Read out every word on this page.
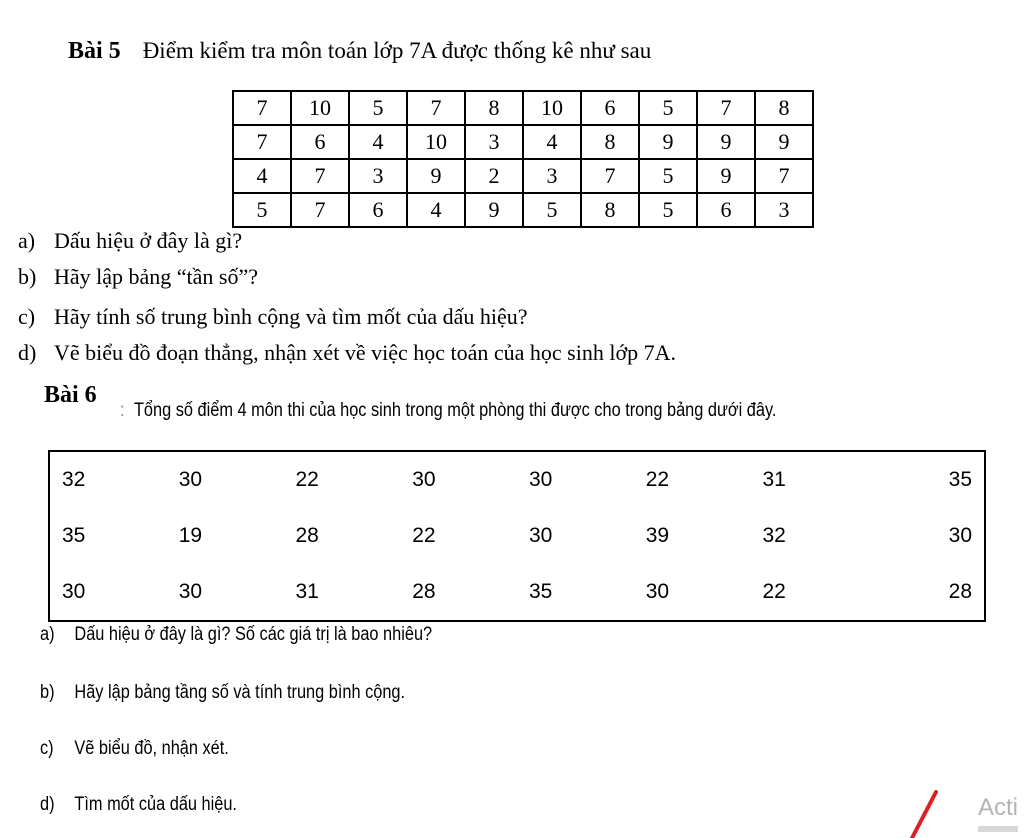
Bài 5 Điểm kiểm tra môn toán lớp 7A được thống kê như sau
7	10	5	7	8	10	6	5	7	8
7	6	4	10	3	4	8	9	9	9
4	7	3	9	2	3	7	5	9	7
5	7	6	4	9	5	8	5	6	3
a) Dấu hiệu ở đây là gì?
b) Hãy lập bảng “tần số”?
c) Hãy tính số trung bình cộng và tìm mốt của dấu hiệu?
d) Vẽ biểu đồ đoạn thẳng, nhận xét về việc học toán của học sinh lớp 7A.
Bài 6
: Tổng số điểm 4 môn thi của học sinh trong một phòng thi được cho trong bảng dưới đây.
32	30	22	30	30	22	31	35
35	19	28	22	30	39	32	30
30	30	31	28	35	30	22	28
a) Dấu hiệu ở đây là gì? Số các giá trị là bao nhiêu?
b) Hãy lập bảng tầng số và tính trung bình cộng.
c) Vẽ biểu đồ, nhận xét.
d) Tìm mốt của dấu hiệu.	Acti
